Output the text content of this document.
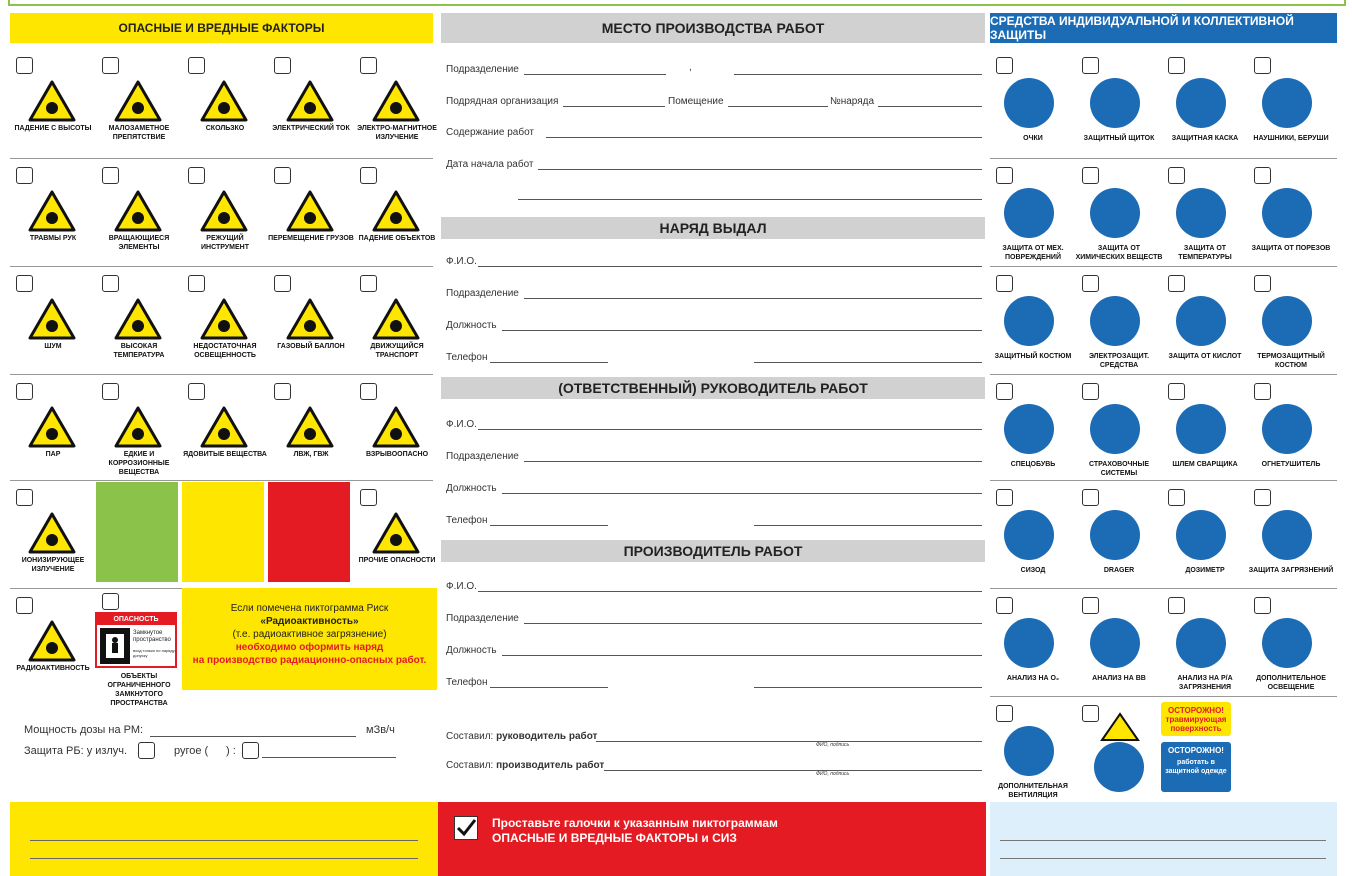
ОПАСНЫЕ И ВРЕДНЫЕ ФАКТОРЫ	МЕСТО ПРОИЗВОДСТВА РАБОТ	СРЕДСТВА ИНДИВИДУАЛЬНОЙ И КОЛЛЕКТИВНОЙ ЗАЩИТЫ
ПАДЕНИЕ С ВЫСОТЫ	МАЛОЗАМЕТНОЕ ПРЕПЯТСТВИЕ
СКОЛЬЗКО	ЭЛЕКТРИЧЕСКИЙ ТОК	ЭЛЕКТРО-МАГНИТНОЕ ИЗЛУЧЕНИЕ
ТРАВМЫ РУК	ВРАЩАЮЩИЕСЯ ЭЛЕМЕНТЫ
РЕЖУЩИЙ ИНСТРУМЕНТ
ПЕРЕМЕЩЕНИЕ ГРУЗОВ ПАДЕНИЕ ОБЪЕКТОВ
ШУМ	ВЫСОКАЯ ТЕМПЕРАТУРА
НЕДОСТАТОЧНАЯ ОСВЕЩЕННОСТЬ
ГАЗОВЫЙ БАЛЛОН	ДВИЖУЩИЙСЯ ТРАНСПОРТ
ПАР	ЕДКИЕ И КОРРОЗИОННЫЕ ВЕЩЕСТВА
ЯДОВИТЫЕ ВЕЩЕСТВА	ЛВЖ, ГВЖ	ВЗРЫВООПАСНО
ИОНИЗИРУЮЩЕЕ ИЗЛУЧЕНИЕ
ПРОЧИЕ ОПАСНОСТИ
РАДИОАКТИВНОСТЬ
ОБЪЕКТЫ ОГРАНИЧЕННОГО ЗАМКНУТОГО ПРОСТРАНСТВА
ОПАСНОСТЬ
Замкнутое пространство
вход только по наряду-допуску
Если помечена пиктограмма Риск
«Радиоактивность»
(т.е. радиоактивное загрязнение)
необходимо оформить наряд
на производство радиационно-опасных работ.
Мощность дозы на РМ:	мЗв/ч
Защита РБ: у излуч.	ругое ( ) :
Подразделение	,
Подрядная организация	Помещение	№наряда
Содержание работ
Дата начала работ
НАРЯД ВЫДАЛ
(ОТВЕТСТВЕННЫЙ) РУКОВОДИТЕЛЬ РАБОТ
ПРОИЗВОДИТЕЛЬ РАБОТ
Ф.И.О.
Подразделение
Должность
Телефон
Ф.И.О.
Подразделение
Должность
Телефон
Ф.И.О.
Подразделение
Должность
Телефон
Составил: руководитель работ
ФИО, подпись
Составил: производитель работ
ФИО, подпись
ОЧКИ	ЗАЩИТНЫЙ ЩИТОК	ЗАЩИТНАЯ КАСКА	НАУШНИКИ, БЕРУШИ
ЗАЩИТА ОТ МЕХ. ПОВРЕЖДЕНИЙ
ЗАЩИТА ОТ ХИМИЧЕСКИХ ВЕЩЕСТВ
ЗАЩИТА ОТ ТЕМПЕРАТУРЫ
ЗАЩИТА ОТ ПОРЕЗОВ
ЗАЩИТНЫЙ КОСТЮМ	ЭЛЕКТРОЗАЩИТ. СРЕДСТВА
ЗАЩИТА ОТ КИСЛОТ	ТЕРМОЗАЩИТНЫЙ КОСТЮМ
СПЕЦОБУВЬ	СТРАХОВОЧНЫЕ СИСТЕМЫ
ШЛЕМ СВАРЩИКА	ОГНЕТУШИТЕЛЬ
СИЗОД	DRAGER	ДОЗИМЕТР	ЗАЩИТА ЗАГРЯЗНЕНИЙ
АНАЛИЗ НА О₂	АНАЛИЗ НА ВВ	АНАЛИЗ НА Р/А ЗАГРЯЗНЕНИЯ
ДОПОЛНИТЕЛЬНОЕ ОСВЕЩЕНИЕ
ДОПОЛНИТЕЛЬНАЯ ВЕНТИЛЯЦИЯ
ОСТОРОЖНО! травмирующая поверхность
ОСТОРОЖНО!
работать в защитной одежде
Проставьте галочки к указанным пиктограммам
ОПАСНЫЕ И ВРЕДНЫЕ ФАКТОРЫ и СИЗ
